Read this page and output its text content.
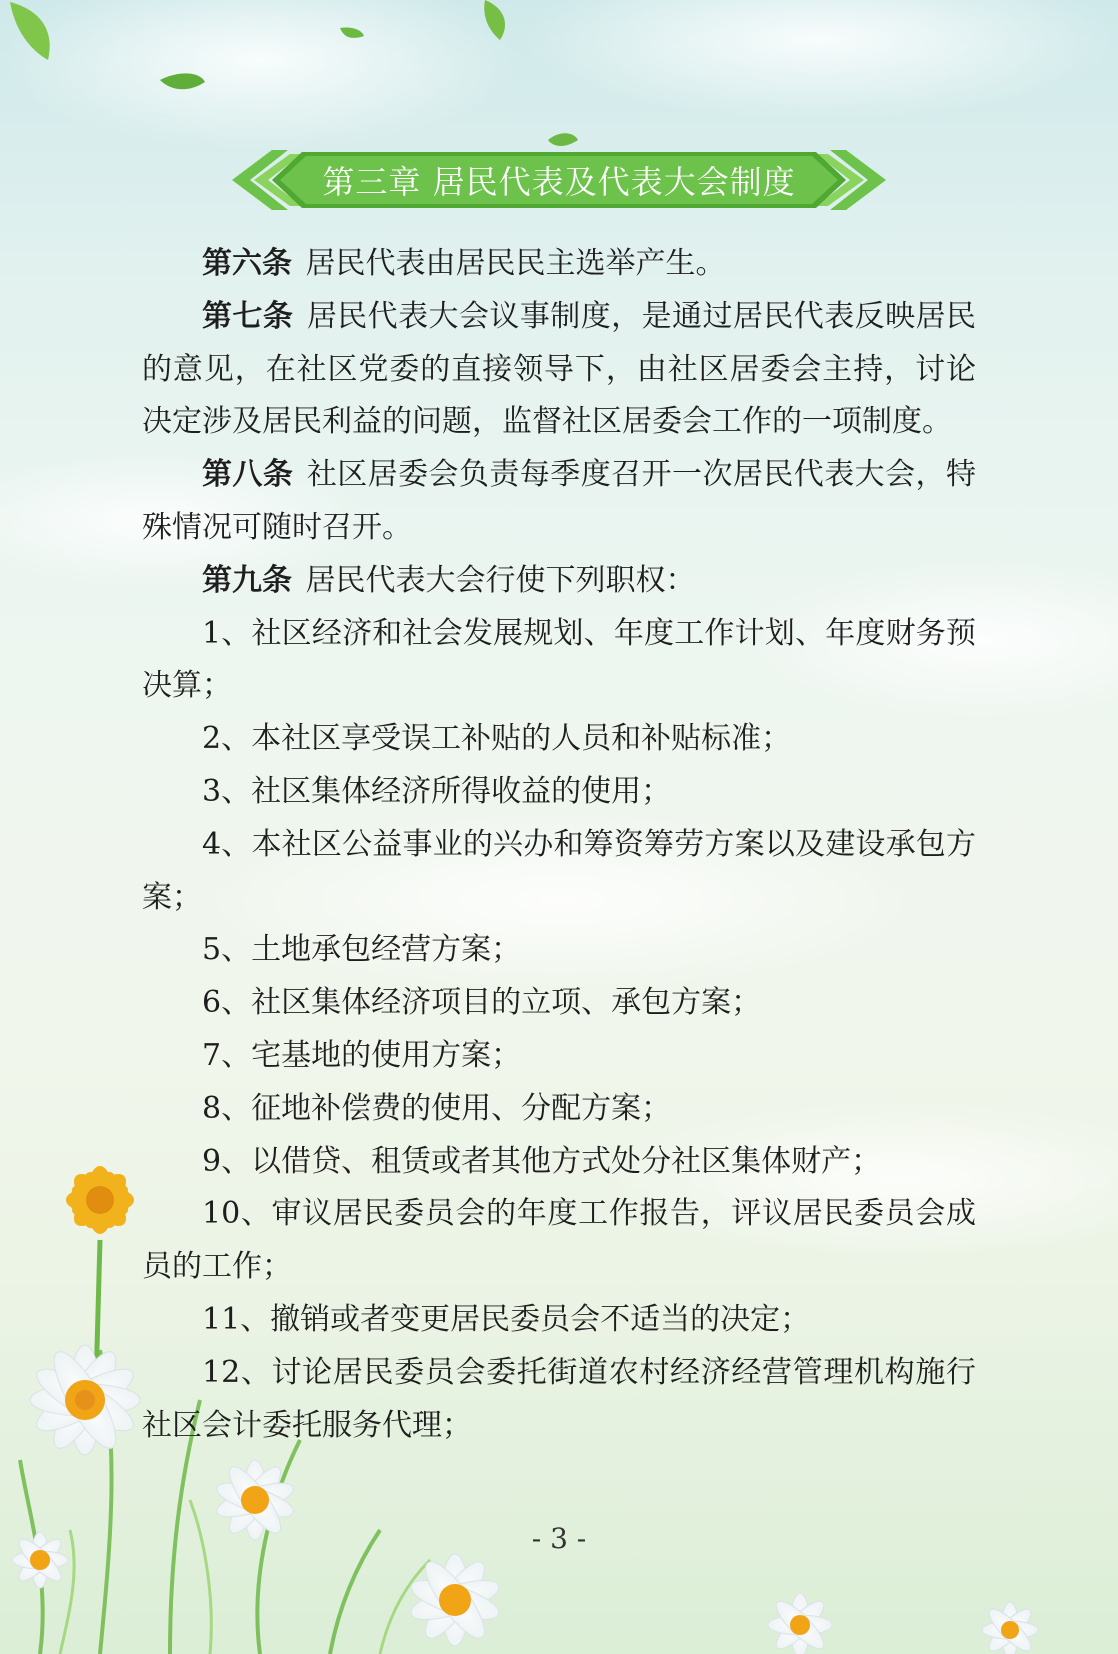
第三章 居民代表及代表大会制度

第六条 居民代表由居民民主选举产生。

第七条 居民代表大会议事制度，是通过居民代表反映居民的意见，在社区党委的直接领导下，由社区居委会主持，讨论决定涉及居民利益的问题，监督社区居委会工作的一项制度。

第八条 社区居委会负责每季度召开一次居民代表大会，特殊情况可随时召开。

第九条 居民代表大会行使下列职权：

1、社区经济和社会发展规划、年度工作计划、年度财务预决算；

2、本社区享受误工补贴的人员和补贴标准；

3、社区集体经济所得收益的使用；

4、本社区公益事业的兴办和筹资筹劳方案以及建设承包方案；

5、土地承包经营方案；

6、社区集体经济项目的立项、承包方案；

7、宅基地的使用方案；

8、征地补偿费的使用、分配方案；

9、以借贷、租赁或者其他方式处分社区集体财产；

10、审议居民委员会的年度工作报告，评议居民委员会成员的工作；

11、撤销或者变更居民委员会不适当的决定；

12、讨论居民委员会委托街道农村经济经营管理机构施行社区会计委托服务代理；

- 3 -
